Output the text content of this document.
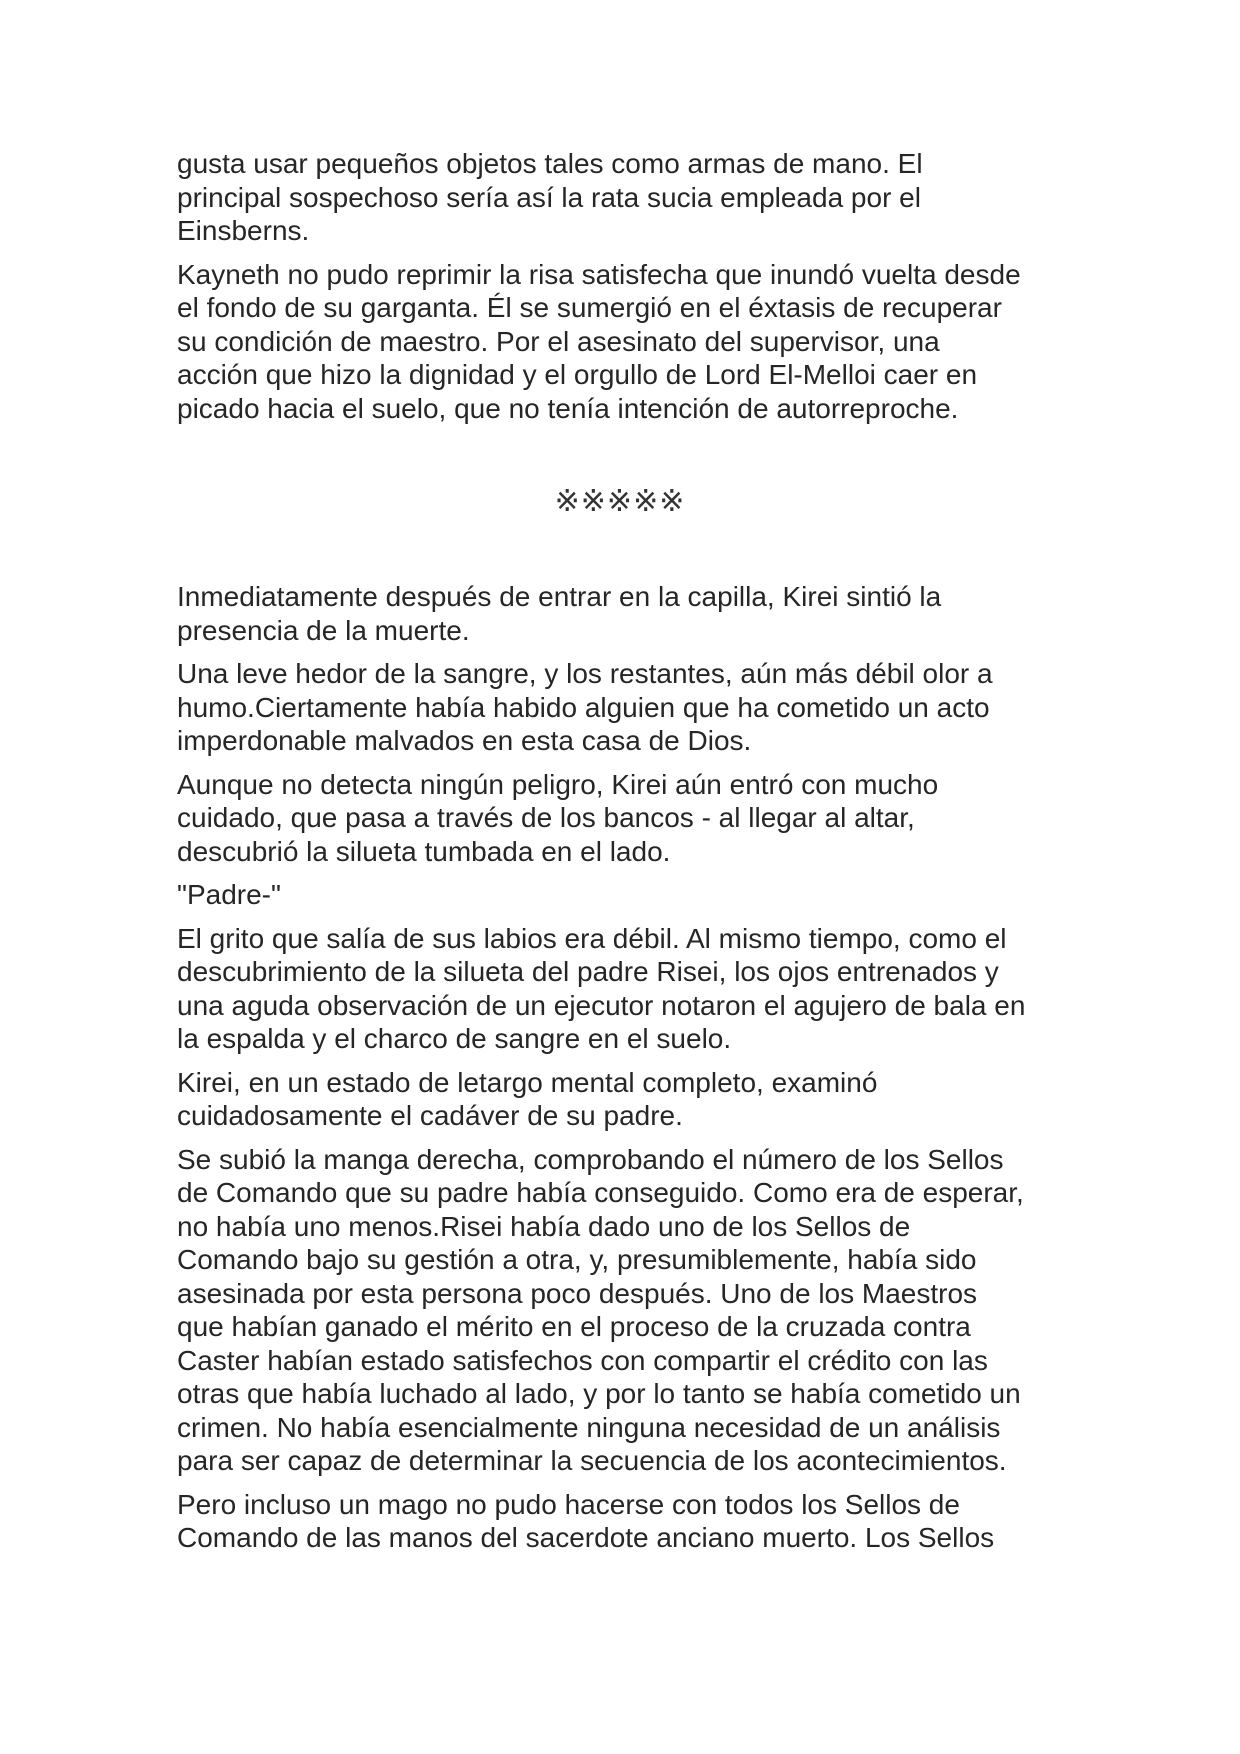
gusta usar pequeños objetos tales como armas de mano. El
principal sospechoso sería así la rata sucia empleada por el
Einsberns.

Kayneth no pudo reprimir la risa satisfecha que inundó vuelta desde
el fondo de su garganta. Él se sumergió en el éxtasis de recuperar
su condición de maestro. Por el asesinato del supervisor, una
acción que hizo la dignidad y el orgullo de Lord El-Melloi caer en
picado hacia el suelo, que no tenía intención de autorreproche.

※※※※※

Inmediatamente después de entrar en la capilla, Kirei sintió la
presencia de la muerte.

Una leve hedor de la sangre, y los restantes, aún más débil olor a
humo.Ciertamente había habido alguien que ha cometido un acto
imperdonable malvados en esta casa de Dios.

Aunque no detecta ningún peligro, Kirei aún entró con mucho
cuidado, que pasa a través de los bancos - al llegar al altar,
descubrió la silueta tumbada en el lado.

"Padre-"

El grito que salía de sus labios era débil. Al mismo tiempo, como el
descubrimiento de la silueta del padre Risei, los ojos entrenados y
una aguda observación de un ejecutor notaron el agujero de bala en
la espalda y el charco de sangre en el suelo.

Kirei, en un estado de letargo mental completo, examinó
cuidadosamente el cadáver de su padre.

Se subió la manga derecha, comprobando el número de los Sellos
de Comando que su padre había conseguido. Como era de esperar,
no había uno menos.Risei había dado uno de los Sellos de
Comando bajo su gestión a otra, y, presumiblemente, había sido
asesinada por esta persona poco después. Uno de los Maestros
que habían ganado el mérito en el proceso de la cruzada contra
Caster habían estado satisfechos con compartir el crédito con las
otras que había luchado al lado, y por lo tanto se había cometido un
crimen. No había esencialmente ninguna necesidad de un análisis
para ser capaz de determinar la secuencia de los acontecimientos.

Pero incluso un mago no pudo hacerse con todos los Sellos de
Comando de las manos del sacerdote anciano muerto. Los Sellos
